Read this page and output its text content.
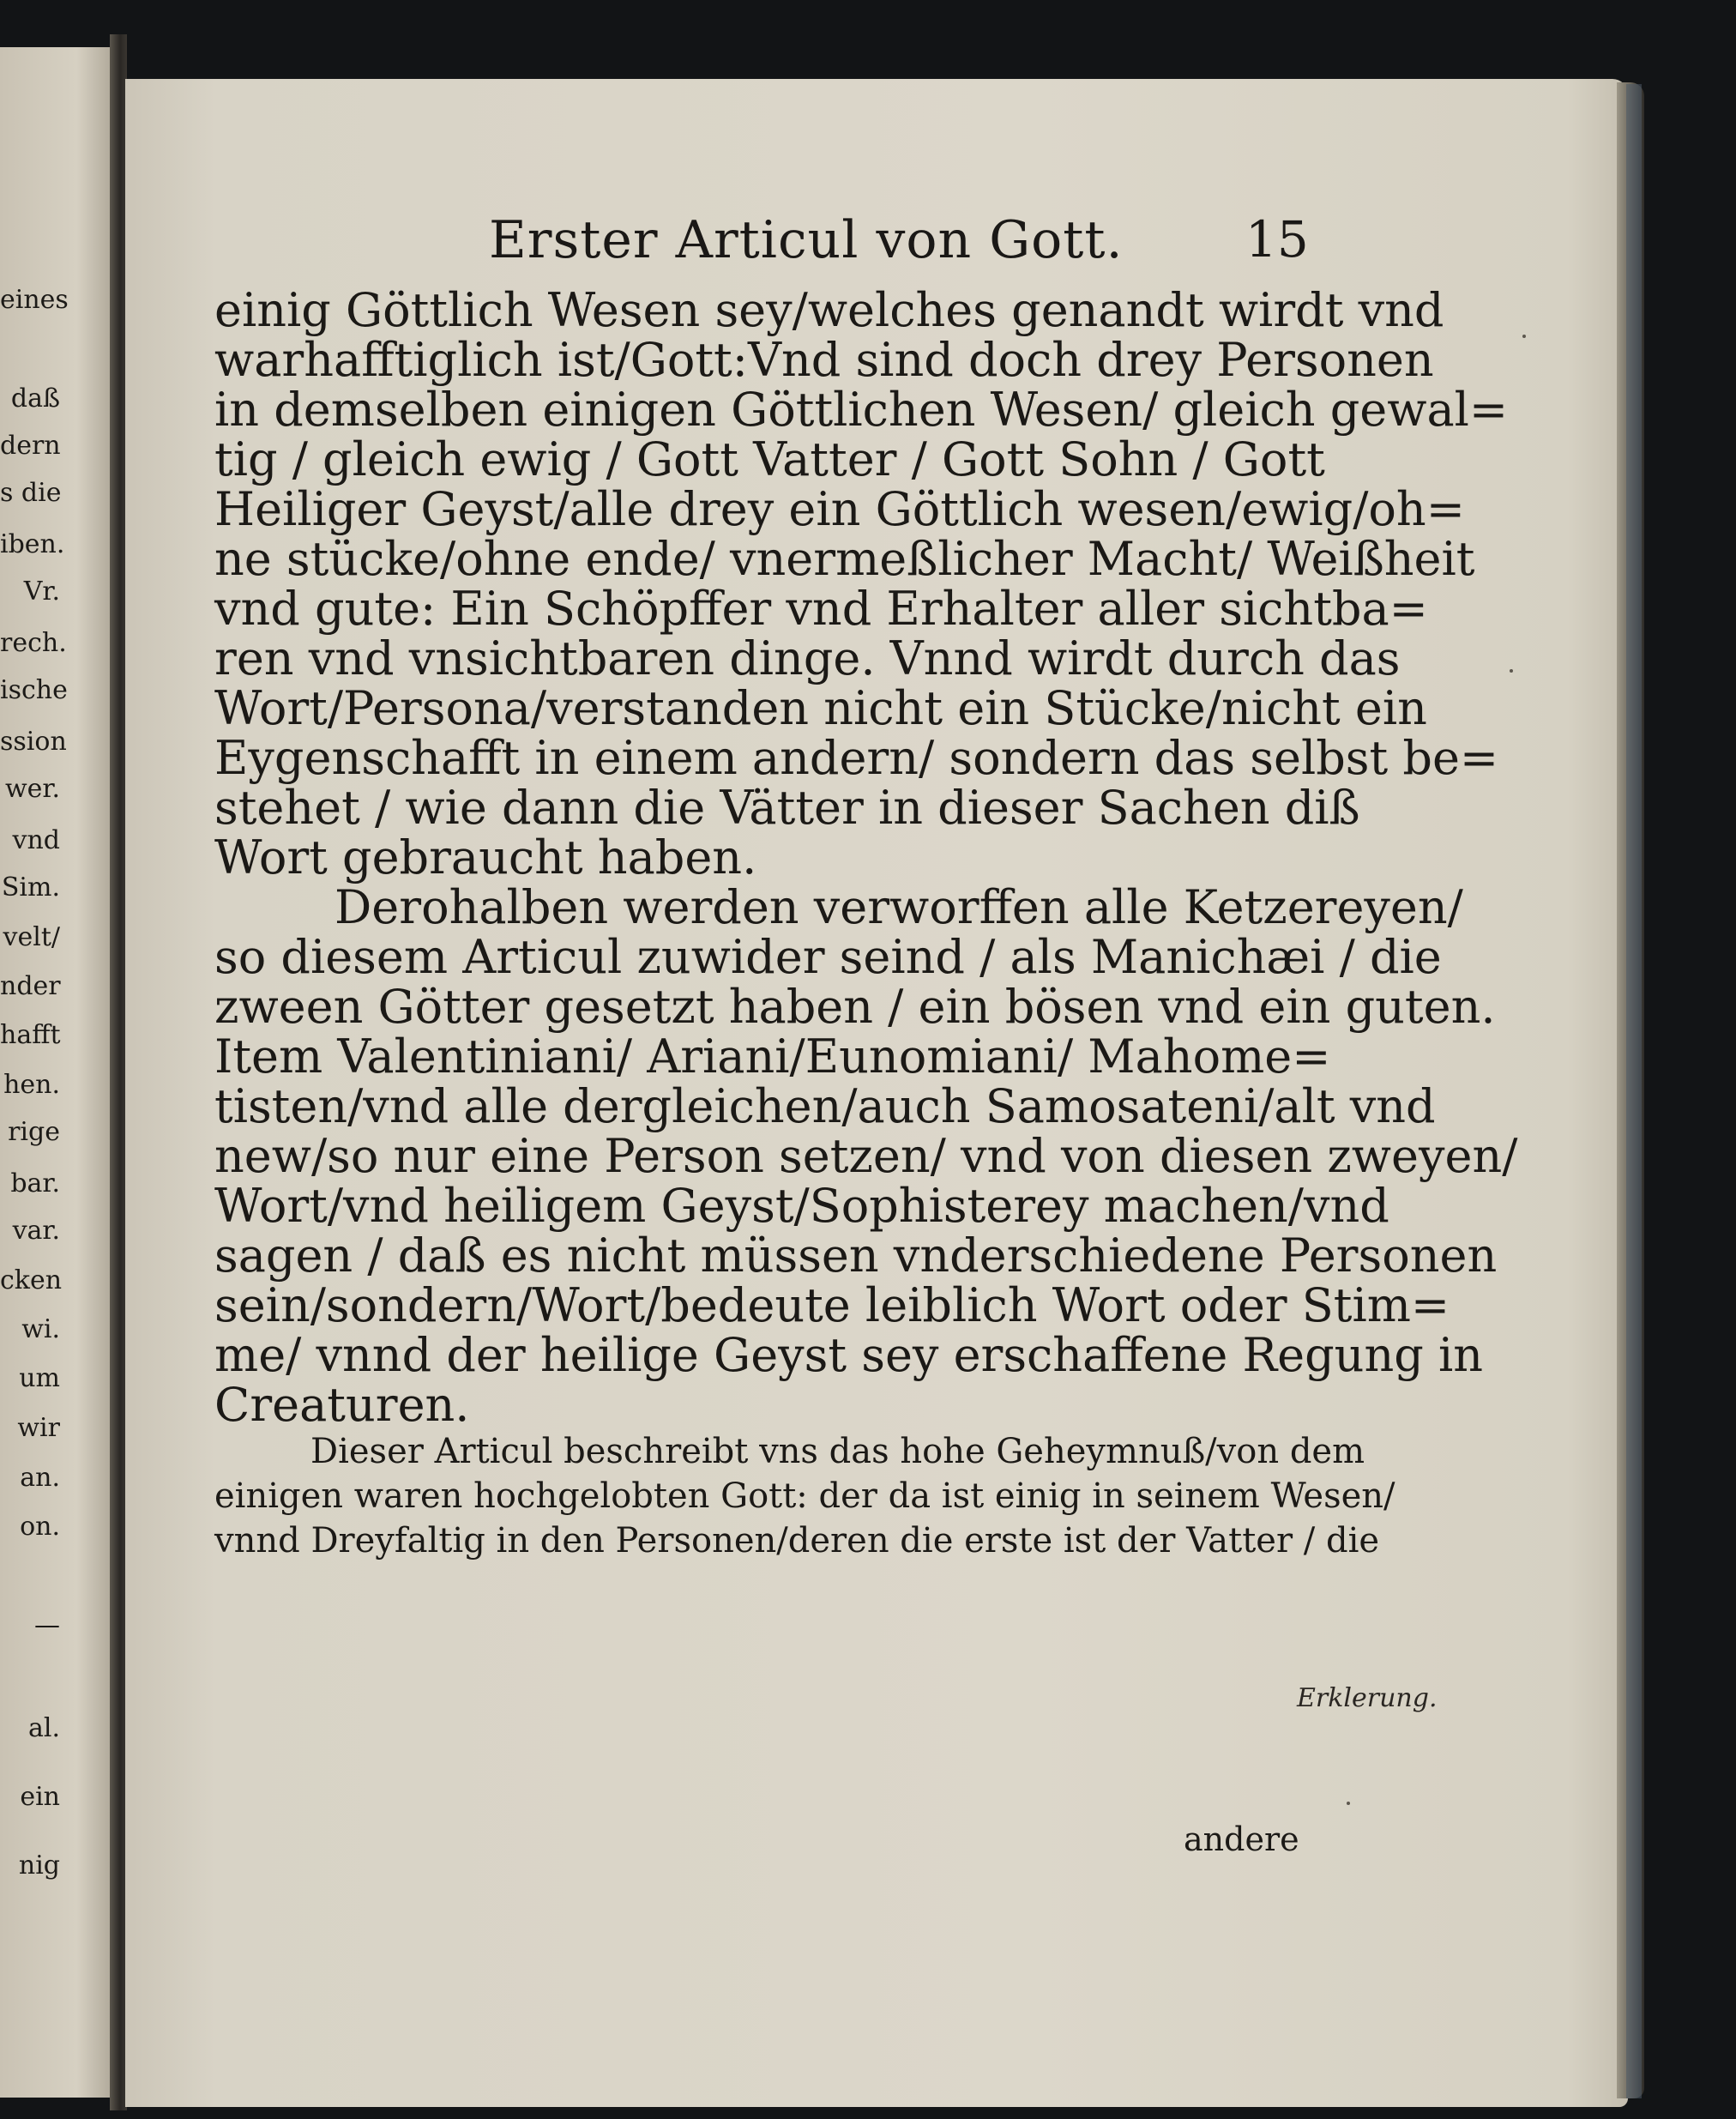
eines
daß
dern
s die
iben.
Vr.
rech.
ische
ssion
wer.
vnd
Sim.
velt/
nder
hafft
hen.
rige
bar.
var.
cken
wi.
um
wir
an.
on.
—
al.
ein
nig
Erster Articul von Gott. 15
einig Göttlich Wesen sey/welches genandt wirdt vnd
warhafftiglich ist/Gott:Vnd sind doch drey Personen
in demselben einigen Göttlichen Wesen/ gleich gewal=
tig / gleich ewig / Gott Vatter / Gott Sohn / Gott
Heiliger Geyst/alle drey ein Göttlich wesen/ewig/oh=
ne stücke/ohne ende/ vnermeßlicher Macht/ Weißheit
vnd gute: Ein Schöpffer vnd Erhalter aller sichtba=
ren vnd vnsichtbaren dinge. Vnnd wirdt durch das
Wort/Persona/verstanden nicht ein Stücke/nicht ein
Eygenschafft in einem andern/ sondern das selbst be=
stehet / wie dann die Vätter in dieser Sachen diß
Wort gebraucht haben.
Derohalben werden verworffen alle Ketzereyen/
so diesem Articul zuwider seind / als Manichæi / die
zween Götter gesetzt haben / ein bösen vnd ein guten.
Item Valentiniani/ Ariani/Eunomiani/ Mahome=
tisten/vnd alle dergleichen/auch Samosateni/alt vnd
new/so nur eine Person setzen/ vnd von diesen zweyen/
Wort/vnd heiligem Geyst/Sophisterey machen/vnd
sagen / daß es nicht müssen vnderschiedene Personen
sein/sondern/Wort/bedeute leiblich Wort oder Stim=
me/ vnnd der heilige Geyst sey erschaffene Regung in
Creaturen.
Dieser Articul beschreibt vns das hohe Geheymnuß/von dem
einigen waren hochgelobten Gott: der da ist einig in seinem Wesen/
vnnd Dreyfaltig in den Personen/deren die erste ist der Vatter / die
andere
Erklerung.
